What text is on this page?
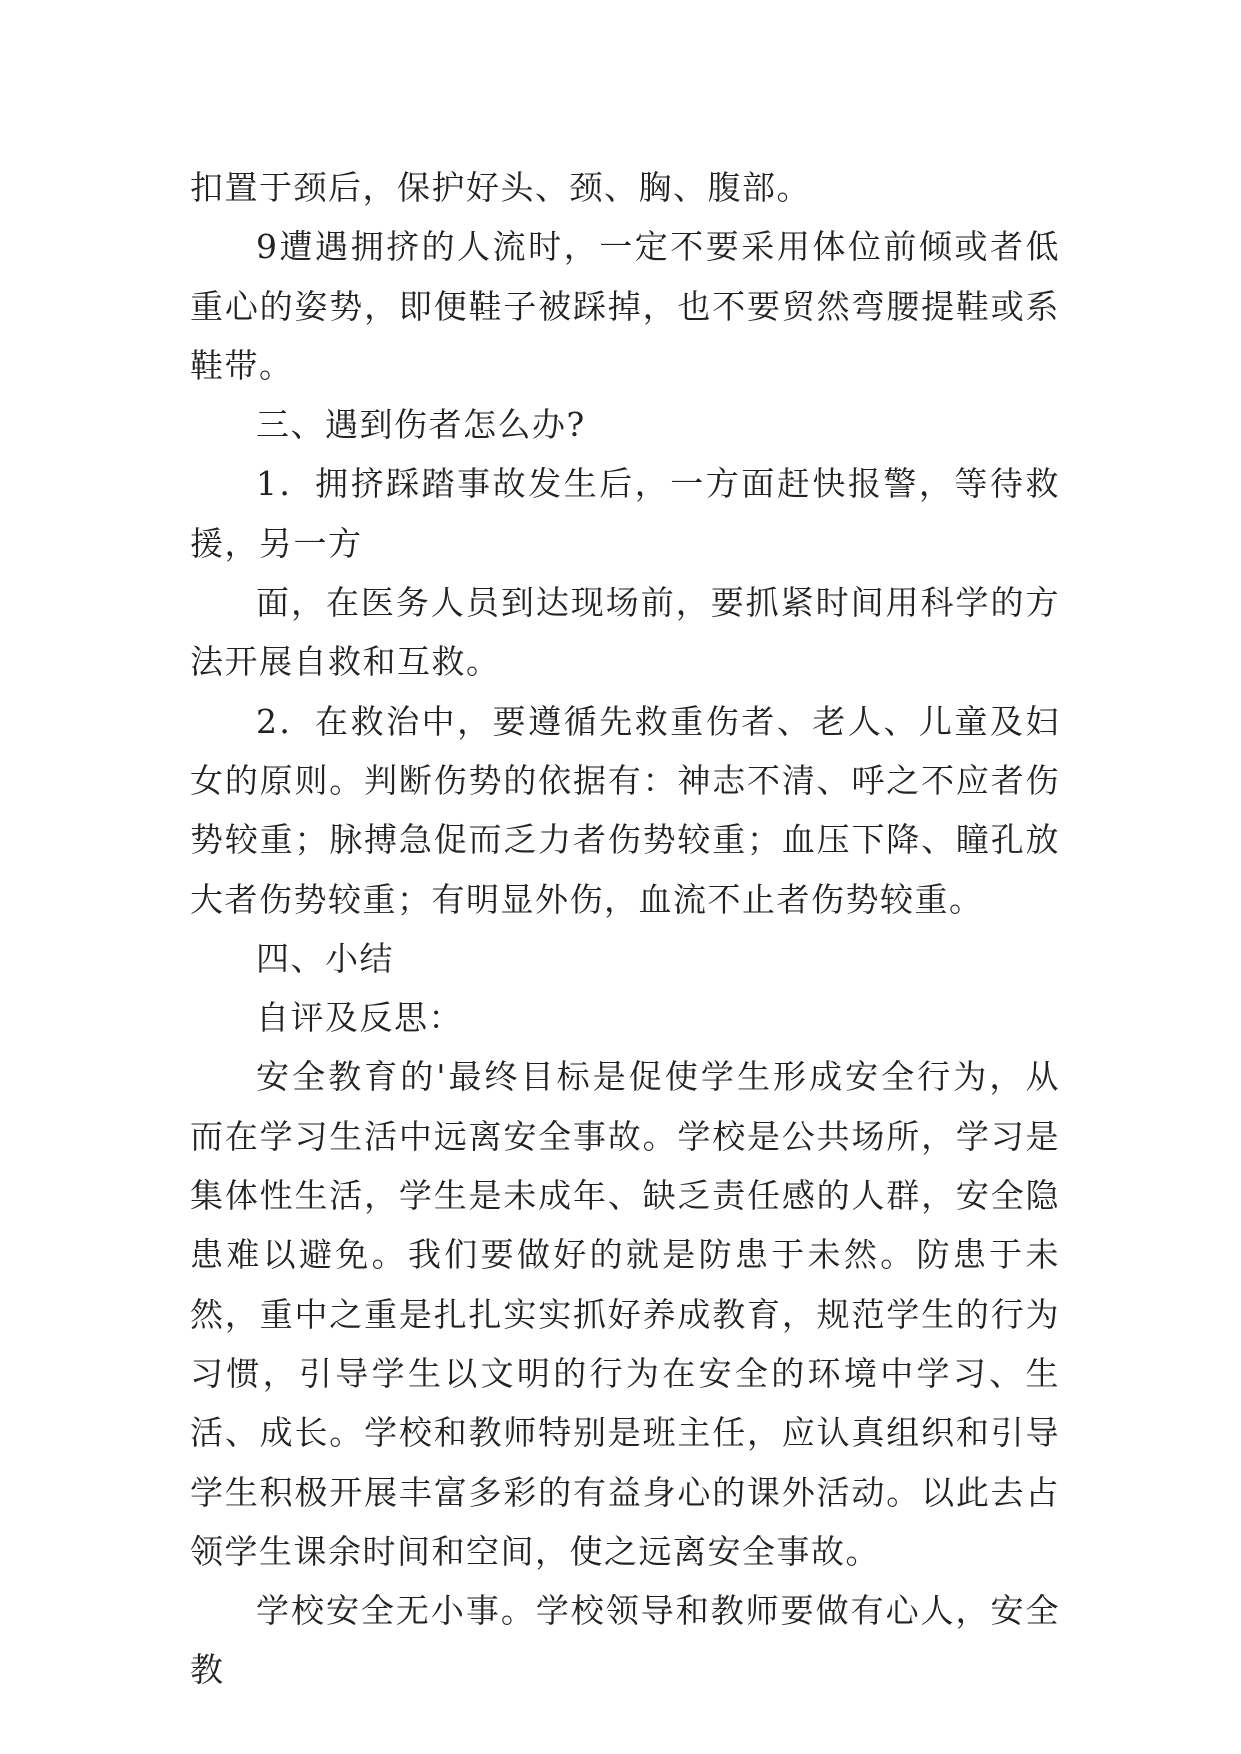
扣置于颈后，保护好头、颈、胸、腹部。

9遭遇拥挤的人流时，一定不要采用体位前倾或者低重心的姿势，即便鞋子被踩掉，也不要贸然弯腰提鞋或系鞋带。

三、遇到伤者怎么办?

1．拥挤踩踏事故发生后，一方面赶快报警，等待救援，另一方

面，在医务人员到达现场前，要抓紧时间用科学的方法开展自救和互救。

2．在救治中，要遵循先救重伤者、老人、儿童及妇女的原则。判断伤势的依据有：神志不清、呼之不应者伤势较重；脉搏急促而乏力者伤势较重；血压下降、瞳孔放大者伤势较重；有明显外伤，血流不止者伤势较重。

四、小结

自评及反思：

安全教育的'最终目标是促使学生形成安全行为，从而在学习生活中远离安全事故。学校是公共场所，学习是集体性生活，学生是未成年、缺乏责任感的人群，安全隐患难以避免。我们要做好的就是防患于未然。防患于未然，重中之重是扎扎实实抓好养成教育，规范学生的行为习惯，引导学生以文明的行为在安全的环境中学习、生活、成长。学校和教师特别是班主任，应认真组织和引导学生积极开展丰富多彩的有益身心的课外活动。以此去占领学生课余时间和空间，使之远离安全事故。

学校安全无小事。学校领导和教师要做有心人，安全教
